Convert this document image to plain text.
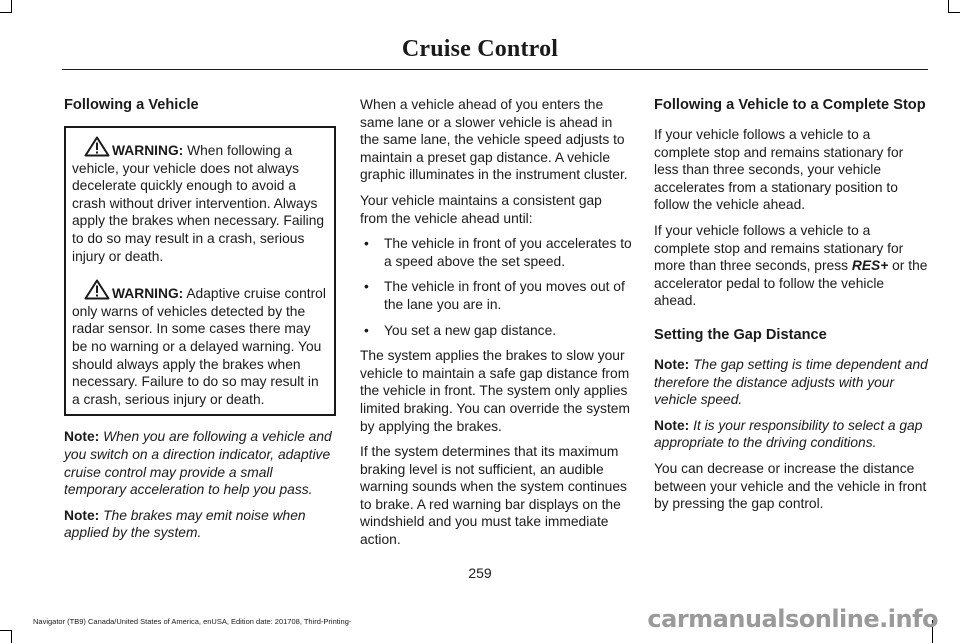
Cruise Control
Following a Vehicle

WARNING: When following a vehicle, your vehicle does not always decelerate quickly enough to avoid a crash without driver intervention. Always apply the brakes when necessary. Failing to do so may result in a crash, serious injury or death.

WARNING: Adaptive cruise control only warns of vehicles detected by the radar sensor. In some cases there may be no warning or a delayed warning. You should always apply the brakes when necessary. Failure to do so may result in a crash, serious injury or death.

Note: When you are following a vehicle and you switch on a direction indicator, adaptive cruise control may provide a small temporary acceleration to help you pass.

Note: The brakes may emit noise when applied by the system.

When a vehicle ahead of you enters the same lane or a slower vehicle is ahead in the same lane, the vehicle speed adjusts to maintain a preset gap distance. A vehicle graphic illuminates in the instrument cluster.

Your vehicle maintains a consistent gap from the vehicle ahead until:

• The vehicle in front of you accelerates to a speed above the set speed.
• The vehicle in front of you moves out of the lane you are in.
• You set a new gap distance.

The system applies the brakes to slow your vehicle to maintain a safe gap distance from the vehicle in front. The system only applies limited braking. You can override the system by applying the brakes.

If the system determines that its maximum braking level is not sufficient, an audible warning sounds when the system continues to brake. A red warning bar displays on the windshield and you must take immediate action.

Following a Vehicle to a Complete Stop

If your vehicle follows a vehicle to a complete stop and remains stationary for less than three seconds, your vehicle accelerates from a stationary position to follow the vehicle ahead.

If your vehicle follows a vehicle to a complete stop and remains stationary for more than three seconds, press RES+ or the accelerator pedal to follow the vehicle ahead.

Setting the Gap Distance

Note: The gap setting is time dependent and therefore the distance adjusts with your vehicle speed.

Note: It is your responsibility to select a gap appropriate to the driving conditions.

You can decrease or increase the distance between your vehicle and the vehicle in front by pressing the gap control.

259
Navigator (TB9) Canada/United States of America, enUSA, Edition date: 201708, Third-Printing-	carmanualsonline.info
